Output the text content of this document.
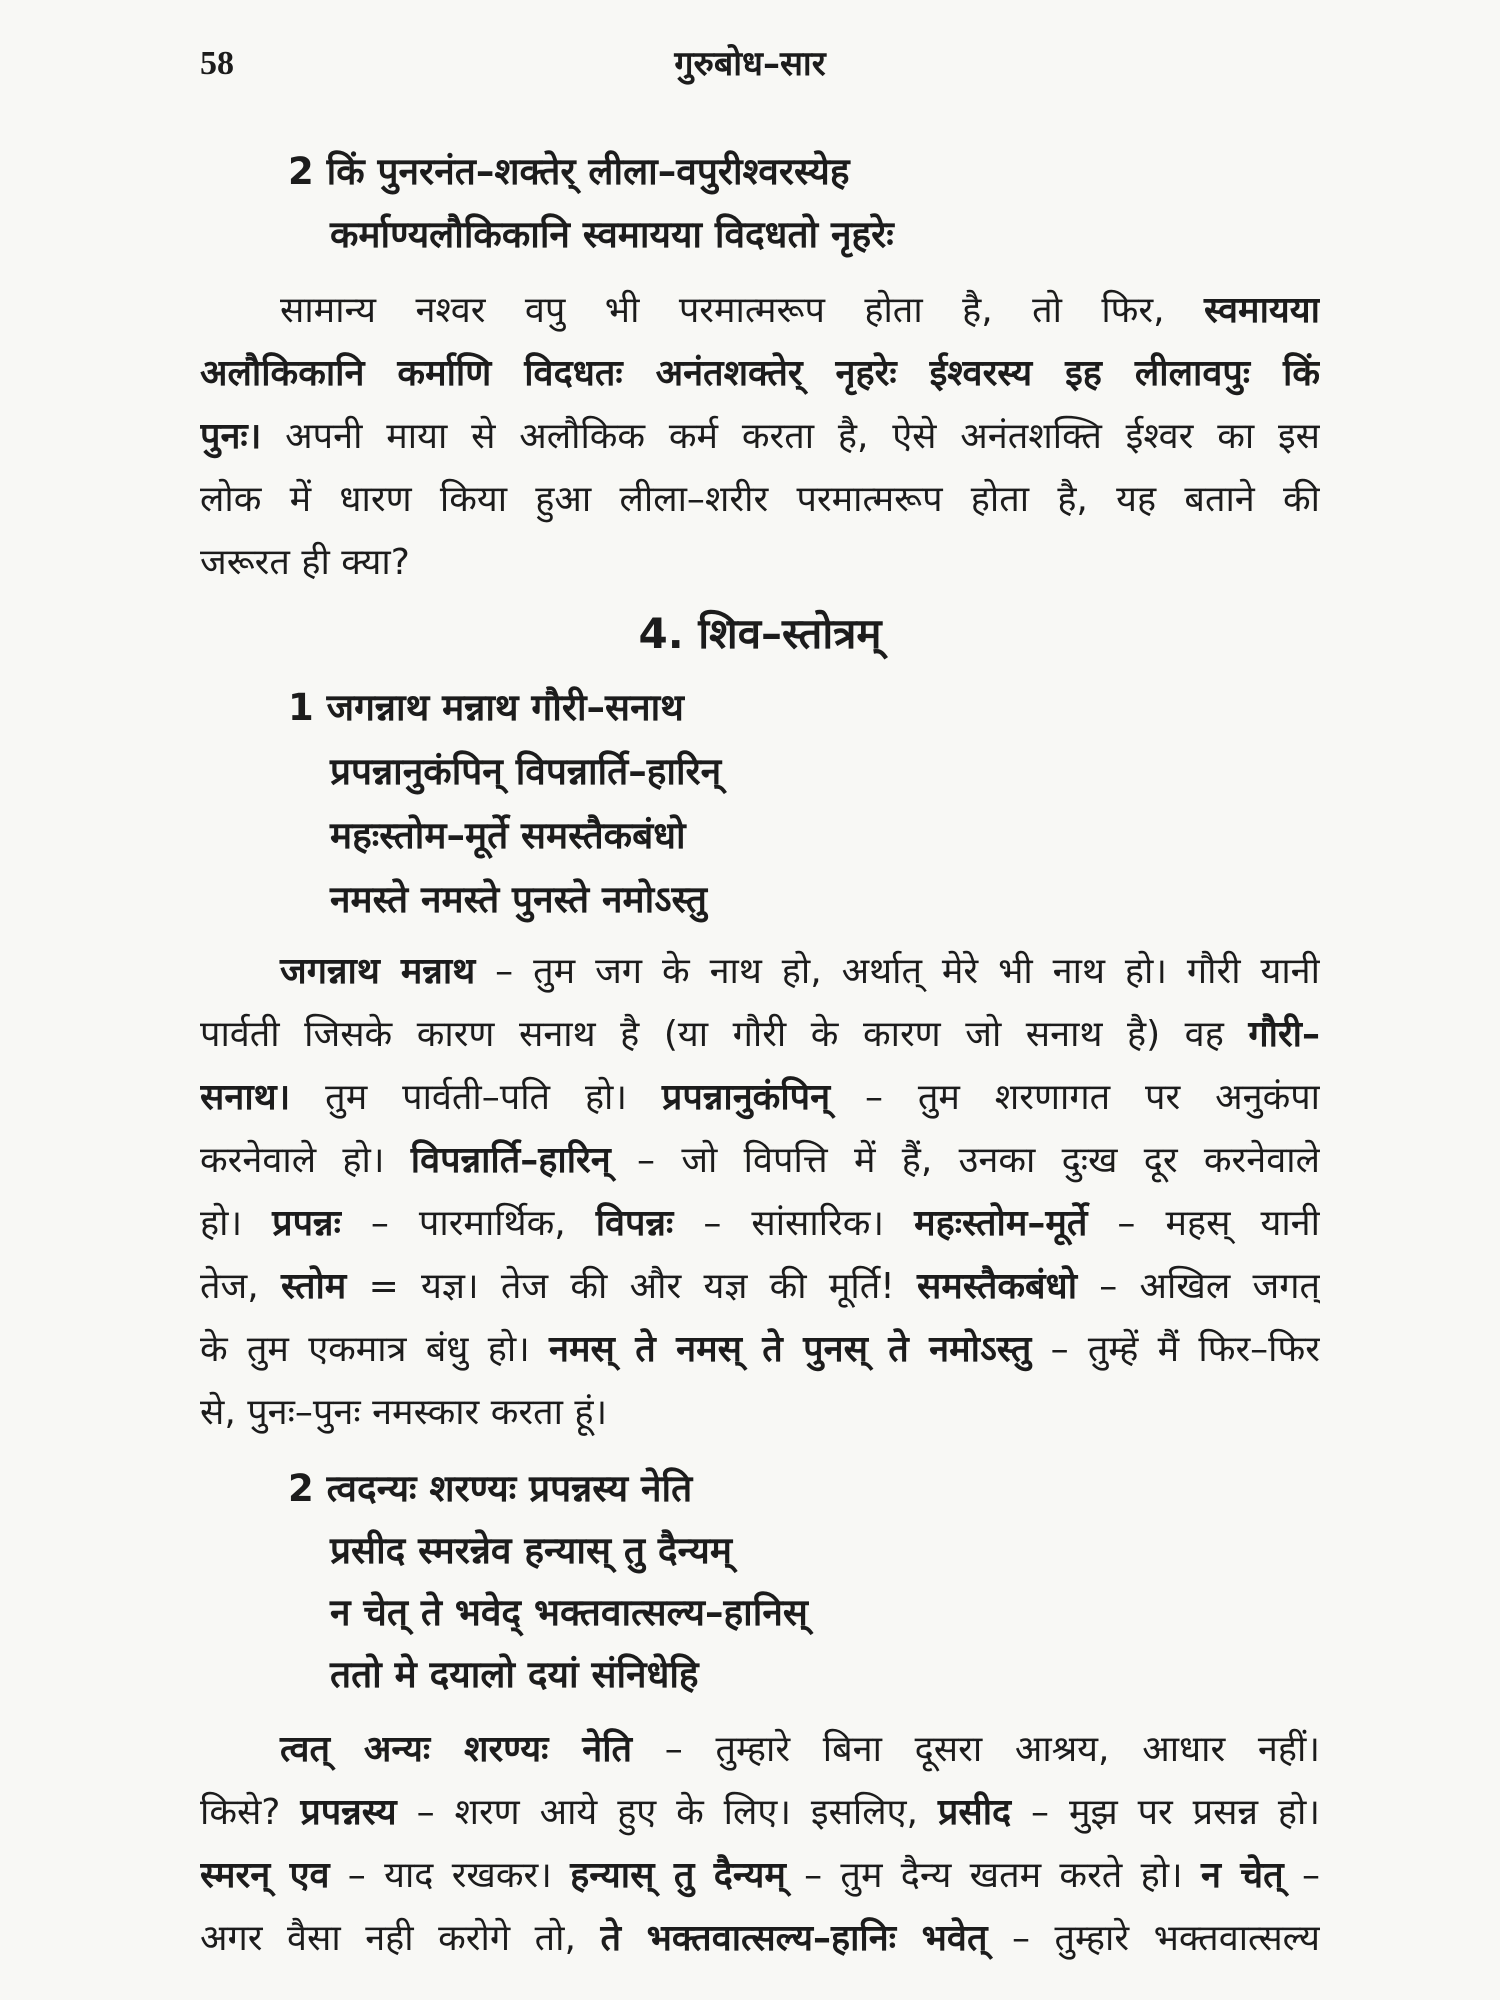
58	गुरुबोध–सार
2 किं पुनरनंत–शक्तेर् लीला–वपुरीश्वरस्येह
कर्माण्यलौकिकानि स्वमायया विदधतो नृहरेः
सामान्य नश्वर वपु भी परमात्मरूप होता है, तो फिर, स्वमायया
अलौकिकानि कर्माणि विदधतः अनंतशक्तेर् नृहरेः ईश्वरस्य इह लीलावपुः किं
पुनः। अपनी माया से अलौकिक कर्म करता है, ऐसे अनंतशक्ति ईश्वर का इस
लोक में धारण किया हुआ लीला–शरीर परमात्मरूप होता है, यह बताने की
जरूरत ही क्या?
4. शिव–स्तोत्रम्
1 जगन्नाथ मन्नाथ गौरी–सनाथ
प्रपन्नानुकंपिन् विपन्नार्ति–हारिन्
महःस्तोम–मूर्ते समस्तैकबंधो
नमस्ते नमस्ते पुनस्ते नमोऽस्तु
जगन्नाथ मन्नाथ – तुम जग के नाथ हो, अर्थात् मेरे भी नाथ हो। गौरी यानी
पार्वती जिसके कारण सनाथ है (या गौरी के कारण जो सनाथ है) वह गौरी–
सनाथ। तुम पार्वती–पति हो। प्रपन्नानुकंपिन् – तुम शरणागत पर अनुकंपा
करनेवाले हो। विपन्नार्ति–हारिन् – जो विपत्ति में हैं, उनका दुःख दूर करनेवाले
हो। प्रपन्नः – पारमार्थिक, विपन्नः – सांसारिक। महःस्तोम–मूर्ते – महस् यानी
तेज, स्तोम = यज्ञ। तेज की और यज्ञ की मूर्ति! समस्तैकबंधो – अखिल जगत्
के तुम एकमात्र बंधु हो। नमस् ते नमस् ते पुनस् ते नमोऽस्तु – तुम्हें मैं फिर–फिर
से, पुनः–पुनः नमस्कार करता हूं।
2 त्वदन्यः शरण्यः प्रपन्नस्य नेति
प्रसीद स्मरन्नेव हन्यास् तु दैन्यम्
न चेत् ते भवेद् भक्तवात्सल्य–हानिस्
ततो मे दयालो दयां संनिधेहि
त्वत् अन्यः शरण्यः नेति – तुम्हारे बिना दूसरा आश्रय, आधार नहीं।
किसे? प्रपन्नस्य – शरण आये हुए के लिए। इसलिए, प्रसीद – मुझ पर प्रसन्न हो।
स्मरन् एव – याद रखकर। हन्यास् तु दैन्यम् – तुम दैन्य खतम करते हो। न चेत् –
अगर वैसा नही करोगे तो, ते भक्तवात्सल्य–हानिः भवेत् – तुम्हारे भक्तवात्सल्य
